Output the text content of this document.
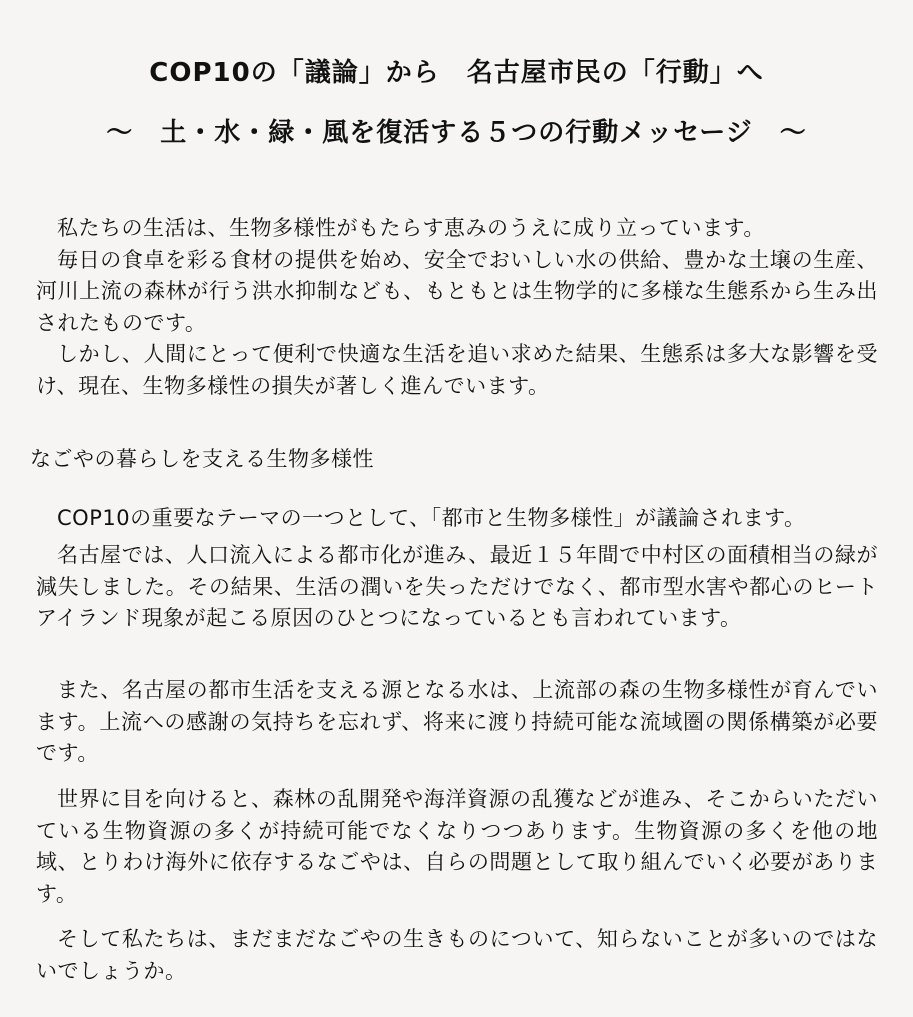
COP10の「議論」から　名古屋市民の「行動」へ
～　土・水・緑・風を復活する５つの行動メッセージ　～

私たちの生活は、生物多様性がもたらす恵みのうえに成り立っています。

毎日の食卓を彩る食材の提供を始め、安全でおいしい水の供給、豊かな土壌の生産、河川上流の森林が行う洪水抑制なども、もともとは生物学的に多様な生態系から生み出されたものです。

しかし、人間にとって便利で快適な生活を追い求めた結果、生態系は多大な影響を受け、現在、生物多様性の損失が著しく進んでいます。

なごやの暮らしを支える生物多様性

COP10の重要なテーマの一つとして、「都市と生物多様性」が議論されます。

名古屋では、人口流入による都市化が進み、最近１５年間で中村区の面積相当の緑が減失しました。その結果、生活の潤いを失っただけでなく、都市型水害や都心のヒートアイランド現象が起こる原因のひとつになっているとも言われています。

また、名古屋の都市生活を支える源となる水は、上流部の森の生物多様性が育んでいます。上流への感謝の気持ちを忘れず、将来に渡り持続可能な流域圏の関係構築が必要です。

世界に目を向けると、森林の乱開発や海洋資源の乱獲などが進み、そこからいただいている生物資源の多くが持続可能でなくなりつつあります。生物資源の多くを他の地域、とりわけ海外に依存するなごやは、自らの問題として取り組んでいく必要があります。

そして私たちは、まだまだなごやの生きものについて、知らないことが多いのではないでしょうか。
